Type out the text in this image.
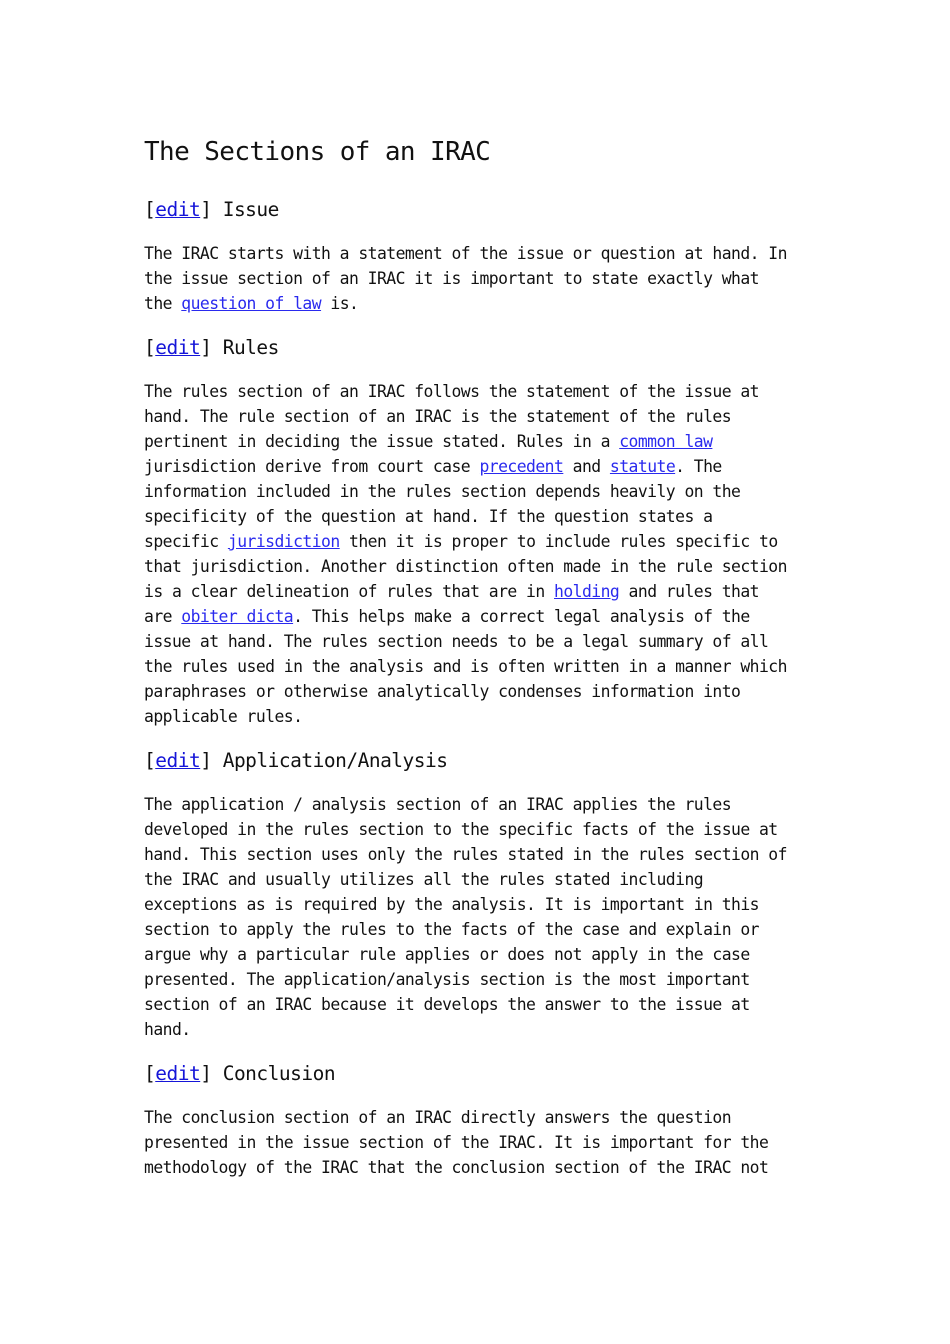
The Sections of an IRAC
[edit] Issue

The IRAC starts with a statement of the issue or question at hand. In
the issue section of an IRAC it is important to state exactly what
the question of law is.

[edit] Rules

The rules section of an IRAC follows the statement of the issue at
hand. The rule section of an IRAC is the statement of the rules
pertinent in deciding the issue stated. Rules in a common law
jurisdiction derive from court case precedent and statute. The
information included in the rules section depends heavily on the
specificity of the question at hand. If the question states a
specific jurisdiction then it is proper to include rules specific to
that jurisdiction. Another distinction often made in the rule section
is a clear delineation of rules that are in holding and rules that
are obiter dicta. This helps make a correct legal analysis of the
issue at hand. The rules section needs to be a legal summary of all
the rules used in the analysis and is often written in a manner which
paraphrases or otherwise analytically condenses information into
applicable rules.

[edit] Application/Analysis

The application / analysis section of an IRAC applies the rules
developed in the rules section to the specific facts of the issue at
hand. This section uses only the rules stated in the rules section of
the IRAC and usually utilizes all the rules stated including
exceptions as is required by the analysis. It is important in this
section to apply the rules to the facts of the case and explain or
argue why a particular rule applies or does not apply in the case
presented. The application/analysis section is the most important
section of an IRAC because it develops the answer to the issue at
hand.

[edit] Conclusion

The conclusion section of an IRAC directly answers the question
presented in the issue section of the IRAC. It is important for the
methodology of the IRAC that the conclusion section of the IRAC not
